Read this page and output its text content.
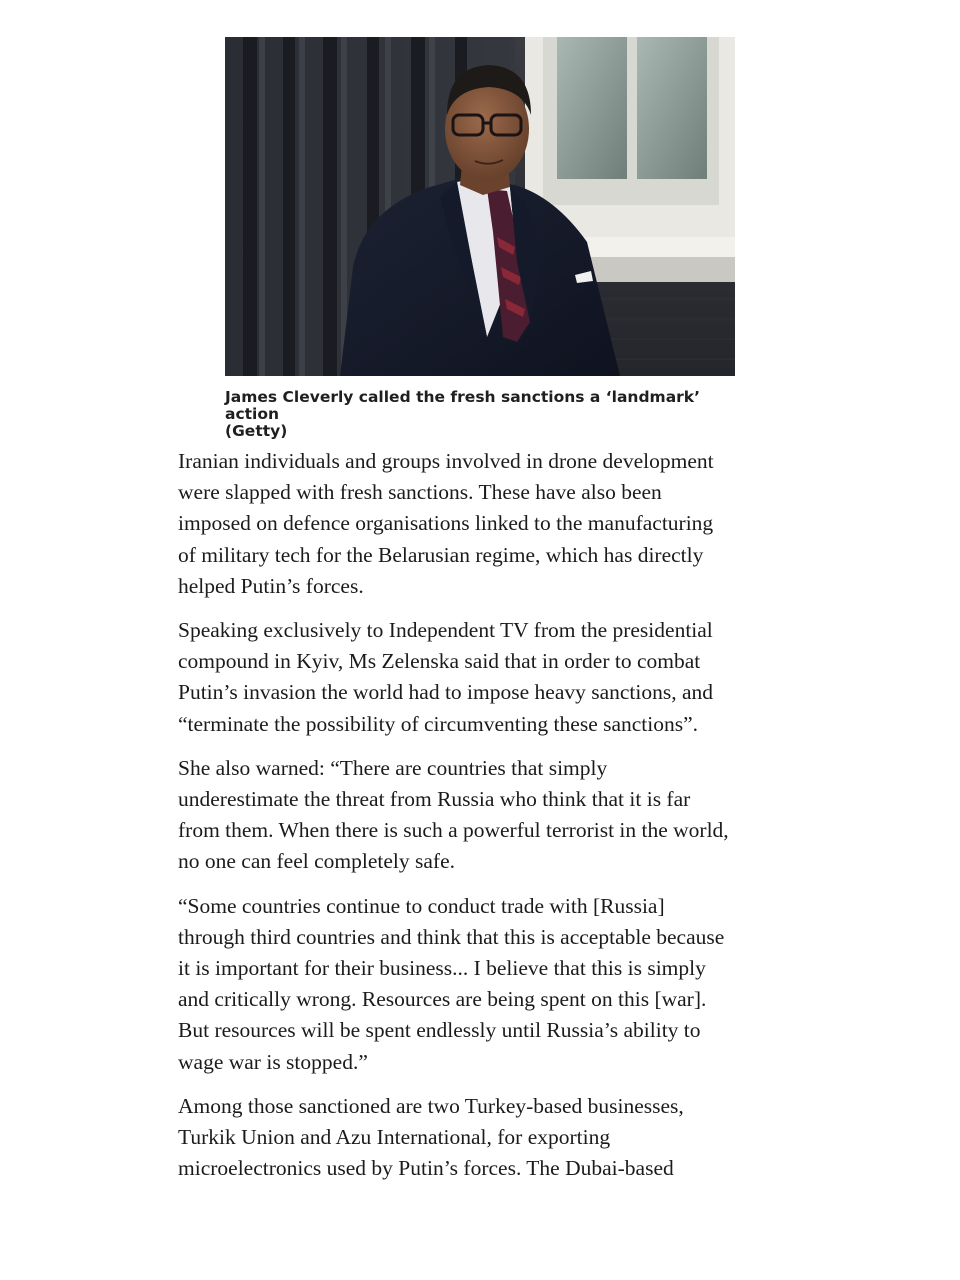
James Cleverly called the fresh sanctions a ‘landmark’ action
(Getty)

Iranian individuals and groups involved in drone development
were slapped with fresh sanctions. These have also been
imposed on defence organisations linked to the manufacturing
of military tech for the Belarusian regime, which has directly
helped Putin’s forces.

Speaking exclusively to Independent TV from the presidential
compound in Kyiv, Ms Zelenska said that in order to combat
Putin’s invasion the world had to impose heavy sanctions, and
“terminate the possibility of circumventing these sanctions”.

She also warned: “There are countries that simply
underestimate the threat from Russia who think that it is far
from them. When there is such a powerful terrorist in the world,
no one can feel completely safe.

“Some countries continue to conduct trade with [Russia]
through third countries and think that this is acceptable because
it is important for their business... I believe that this is simply
and critically wrong. Resources are being spent on this [war].
But resources will be spent endlessly until Russia’s ability to
wage war is stopped.”

Among those sanctioned are two Turkey-based businesses,
Turkik Union and Azu International, for exporting
microelectronics used by Putin’s forces. The Dubai-based
